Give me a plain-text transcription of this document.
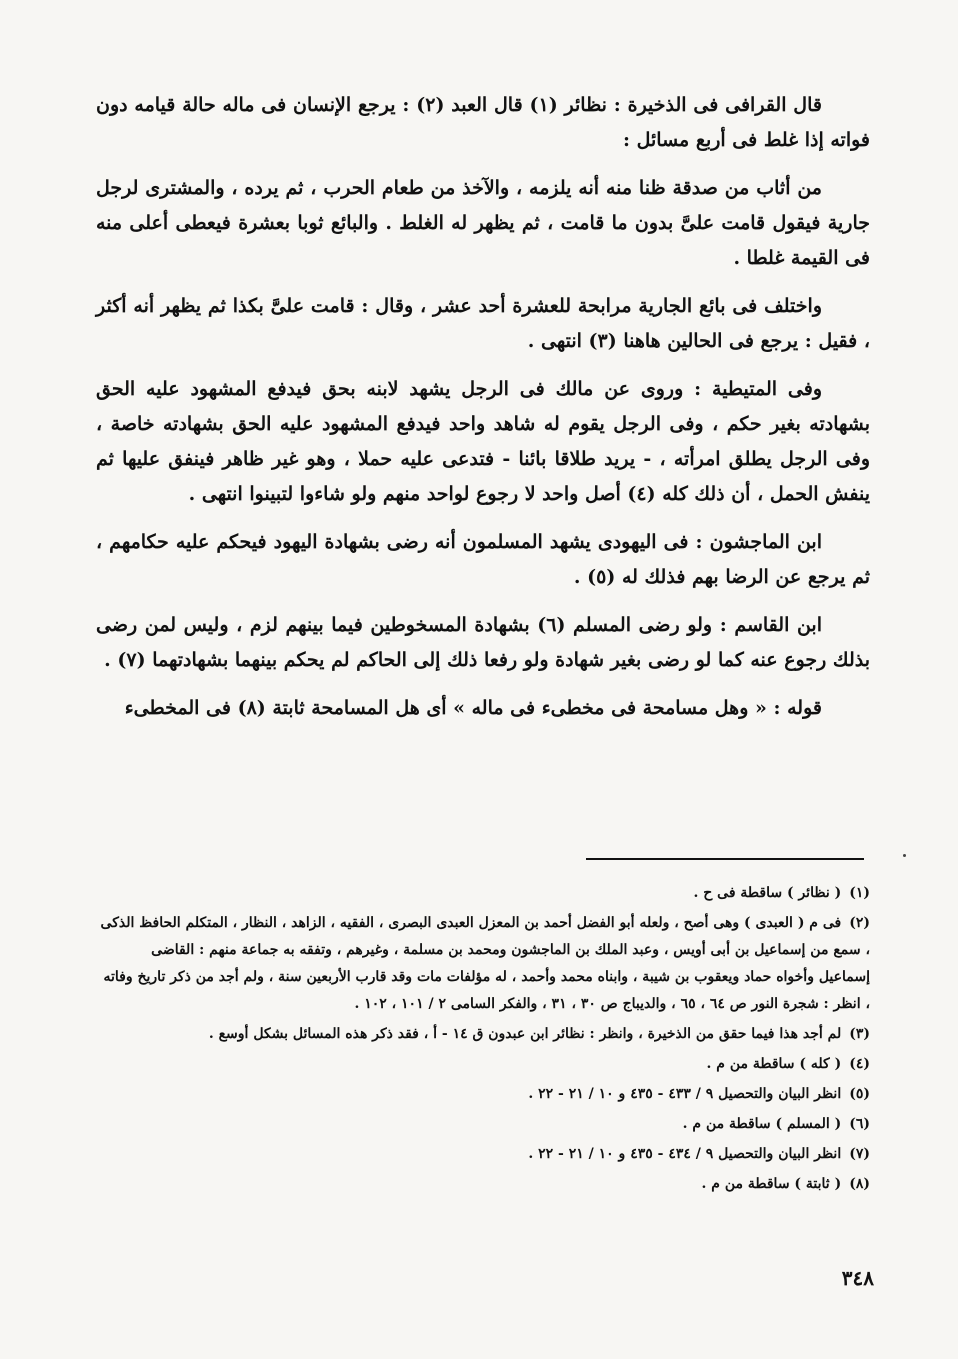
قال القرافى فى الذخيرة : نظائر (١) قال العبد (٢) : يرجع الإنسان فى ماله حالة قيامه دون فواته إذا غلط فى أربع مسائل :

من أثاب من صدقة ظنا منه أنه يلزمه ، والآخذ من طعام الحرب ، ثم يرده ، والمشترى لرجل جارية فيقول قامت علىَّ بدون ما قامت ، ثم يظهر له الغلط . والبائع ثوبا بعشرة فيعطى أعلى منه فى القيمة غلطا .

واختلف فى بائع الجارية مرابحة للعشرة أحد عشر ، وقال : قامت علىَّ بكذا ثم يظهر أنه أكثر ، فقيل : يرجع فى الحالين هاهنا (٣) انتهى .

وفى المتيطية : وروى عن مالك فى الرجل يشهد لابنه بحق فيدفع المشهود عليه الحق بشهادته بغير حكم ، وفى الرجل يقوم له شاهد واحد فيدفع المشهود عليه الحق بشهادته خاصة ، وفى الرجل يطلق امرأته ، - يريد طلاقا بائنا - فتدعى عليه حملا ، وهو غير ظاهر فينفق عليها ثم ينفش الحمل ، أن ذلك كله (٤) أصل واحد لا رجوع لواحد منهم ولو شاءوا لتبينوا انتهى .

ابن الماجشون : فى اليهودى يشهد المسلمون أنه رضى بشهادة اليهود فيحكم عليه حكامهم ، ثم يرجع عن الرضا بهم فذلك له (٥) .

ابن القاسم : ولو رضى المسلم (٦) بشهادة المسخوطين فيما بينهم لزم ، وليس لمن رضى بذلك رجوع عنه كما لو رضى بغير شهادة ولو رفعا ذلك إلى الحاكم لم يحكم بينهما بشهادتهما (٧) .

قوله : « وهل مسامحة فى مخطىء فى ماله » أى هل المسامحة ثابتة (٨) فى المخطىء

(١)( نظائر ) ساقطة فى ح .

(٢)فى م ( العبدى ) وهى أصح ، ولعله أبو الفضل أحمد بن المعزل العبدى البصرى ، الفقيه ، الزاهد ، النظار ، المتكلم الحافظ الذكى ، سمع من إسماعيل بن أبى أويس ، وعبد الملك بن الماجشون ومحمد بن مسلمة ، وغيرهم ، وتفقه به جماعة منهم : القاضى إسماعيل وأخواه حماد ويعقوب بن شيبة ، وابناه محمد وأحمد ، له مؤلفات مات وقد قارب الأربعين سنة ، ولم أجد من ذكر تاريخ وفاته ، انظر : شجرة النور ص ٦٤ ، ٦٥ ، والديباج ص ٣٠ ، ٣١ ، والفكر السامى ٢ / ١٠١ ، ١٠٢ .

(٣)لم أجد هذا فيما حقق من الذخيرة ، وانظر : نظائر ابن عبدون ق ١٤ - أ ، فقد ذكر هذه المسائل بشكل أوسع .

(٤)( كله ) ساقطة من م .

(٥)انظر البيان والتحصيل ٩ / ٤٣٣ - ٤٣٥ و ١٠ / ٢١ - ٢٢ .

(٦)( المسلم ) ساقطة من م .

(٧)انظر البيان والتحصيل ٩ / ٤٣٤ - ٤٣٥ و ١٠ / ٢١ - ٢٢ .

(٨)( ثابتة ) ساقطة من م .

٣٤٨
